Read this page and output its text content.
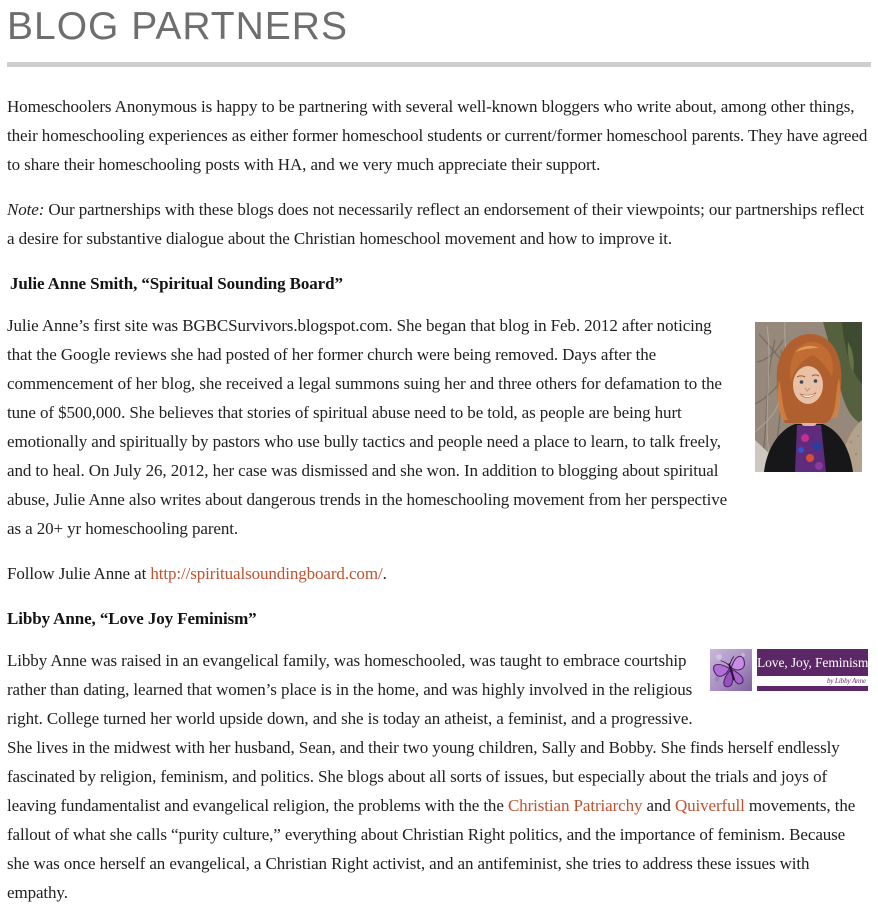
BLOG PARTNERS

Homeschoolers Anonymous is happy to be partnering with several well-known bloggers who write about, among other things, their homeschooling experiences as either former homeschool students or current/former homeschool parents. They have agreed to share their homeschooling posts with HA, and we very much appreciate their support.

Note: Our partnerships with these blogs does not necessarily reflect an endorsement of their viewpoints; our partnerships reflect a desire for substantive dialogue about the Christian homeschool movement and how to improve it.

Julie Anne Smith, “Spiritual Sounding Board”

Julie Anne’s first site was BGBCSurvivors.blogspot.com. She began that blog in Feb. 2012 after noticing that the Google reviews she had posted of her former church were being removed. Days after the commencement of her blog, she received a legal summons suing her and three others for defamation to the tune of $500,000. She believes that stories of spiritual abuse need to be told, as people are being hurt emotionally and spiritually by pastors who use bully tactics and people need a place to learn, to talk freely, and to heal. On July 26, 2012, her case was dismissed and she won. In addition to blogging about spiritual abuse, Julie Anne also writes about dangerous trends in the homeschooling movement from her perspective as a 20+ yr homeschooling parent.

Follow Julie Anne at http://spiritualsoundingboard.com/.

Libby Anne, “Love Joy Feminism”

Love, Joy, Feminism
by Libby Anne
Libby Anne was raised in an evangelical family, was homeschooled, was taught to embrace courtship rather than dating, learned that women’s place is in the home, and was highly involved in the religious right. College turned her world upside down, and she is today an atheist, a feminist, and a progressive. She lives in the midwest with her husband, Sean, and their two young children, Sally and Bobby. She finds herself endlessly fascinated by religion, feminism, and politics. She blogs about all sorts of issues, but especially about the trials and joys of leaving fundamentalist and evangelical religion, the problems with the the Christian Patriarchy and Quiverfull movements, the fallout of what she calls “purity culture,” everything about Christian Right politics, and the importance of feminism. Because she was once herself an evangelical, a Christian Right activist, and an antifeminist, she tries to address these issues with empathy.
